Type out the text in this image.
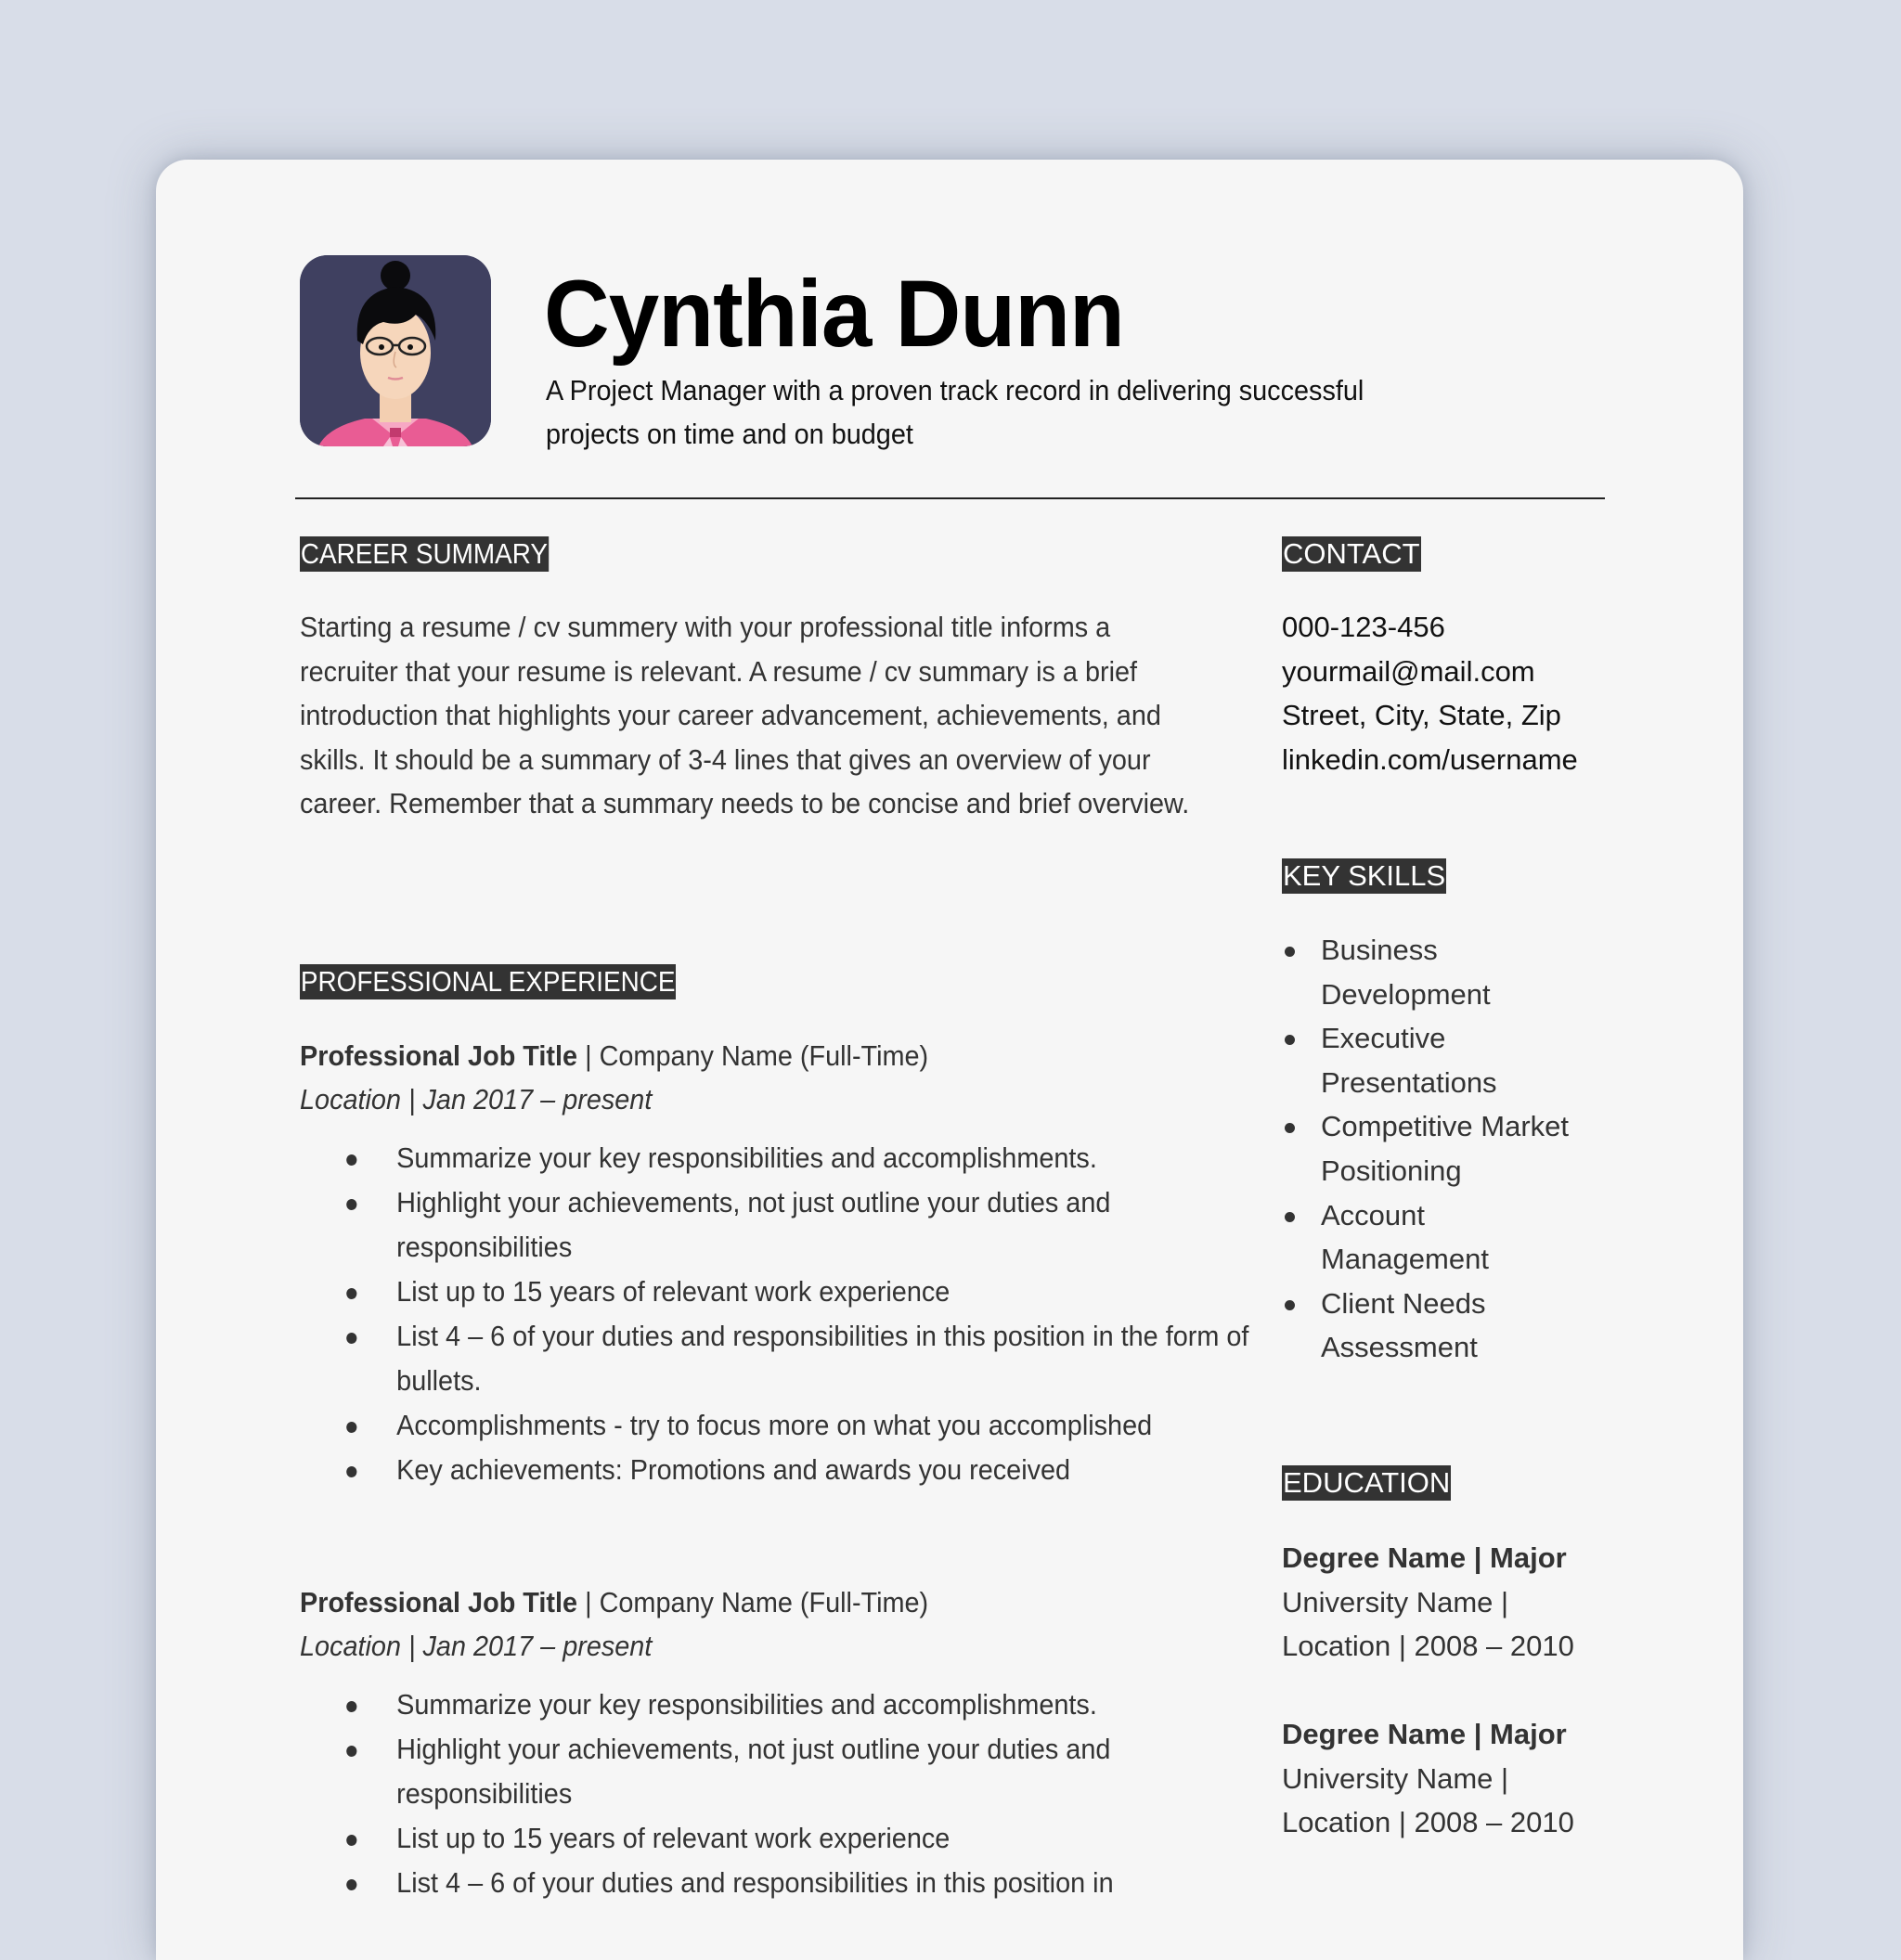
Cynthia Dunn
A Project Manager with a proven track record in delivering successful projects on time and on budget
CAREER SUMMARY
Starting a resume / cv summery with your professional title informs a recruiter that your resume is relevant. A resume / cv summary is a brief introduction that highlights your career advancement, achievements, and skills. It should be a summary of 3-4 lines that gives an overview of your career. Remember that a summary needs to be concise and brief overview.
PROFESSIONAL EXPERIENCE
Professional Job Title | Company Name (Full-Time)
Location | Jan 2017 – present
Summarize your key responsibilities and accomplishments.
Highlight your achievements, not just outline your duties and responsibilities
List up to 15 years of relevant work experience
List 4 – 6 of your duties and responsibilities in this position in the form of bullets.
Accomplishments - try to focus more on what you accomplished
Key achievements: Promotions and awards you received
Professional Job Title | Company Name (Full-Time)
Location | Jan 2017 – present
Summarize your key responsibilities and accomplishments.
Highlight your achievements, not just outline your duties and responsibilities
List up to 15 years of relevant work experience
List 4 – 6 of your duties and responsibilities in this position in
CONTACT
000-123-456
yourmail@mail.com
Street, City, State, Zip
linkedin.com/username
KEY SKILLS
Business Development
Executive Presentations
Competitive Market Positioning
Account Management
Client Needs Assessment
EDUCATION
Degree Name | Major
University Name |
Location | 2008 – 2010
Degree Name | Major
University Name |
Location | 2008 – 2010
